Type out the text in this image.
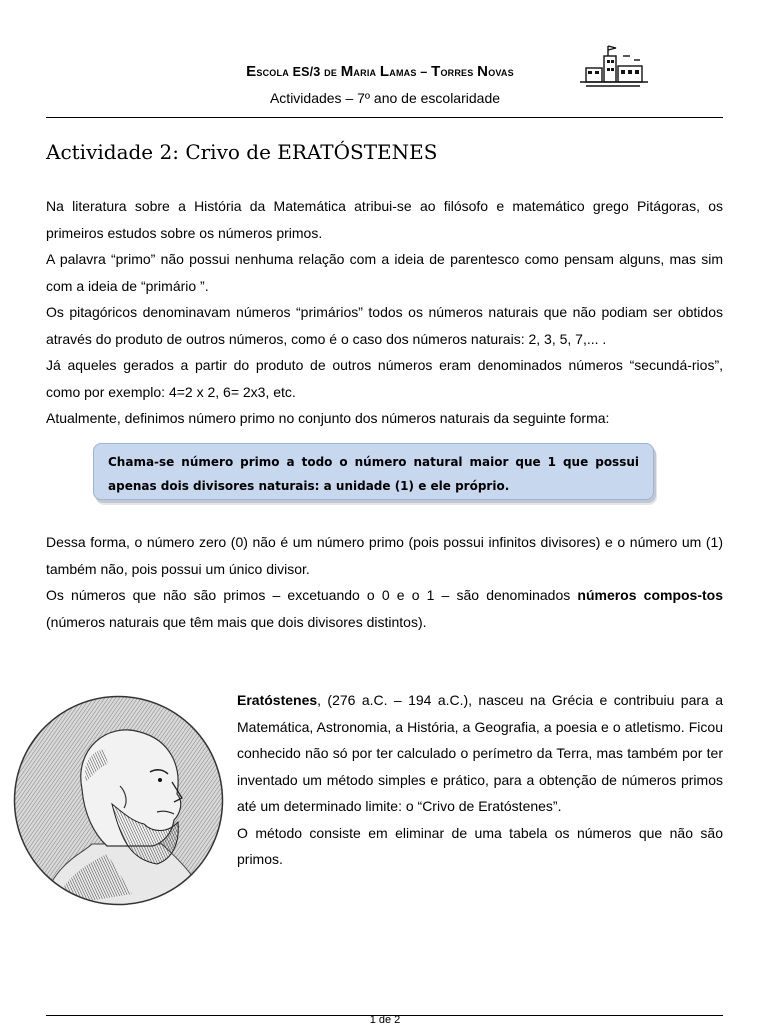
Escola ES/3 de Maria Lamas – Torres Novas
Actividades – 7º ano de escolaridade
Actividade 2: Crivo de ERATÓSTENES

Na literatura sobre a História da Matemática atribui-se ao filósofo e matemático grego Pitágoras, os primeiros estudos sobre os números primos.

A palavra “primo” não possui nenhuma relação com a ideia de parentesco como pensam alguns, mas sim com a ideia de “primário ”.

Os pitagóricos denominavam números “primários” todos os números naturais que não podiam ser obtidos através do produto de outros números, como é o caso dos números naturais: 2, 3, 5, 7,... .

Já aqueles gerados a partir do produto de outros números eram denominados números “secundá-rios”, como por exemplo: 4=2 x 2, 6= 2x3, etc.

Atualmente, definimos número primo no conjunto dos números naturais da seguinte forma:

Chama-se número primo a todo o número natural maior que 1 que possui apenas dois divisores naturais: a unidade (1) e ele próprio.

Dessa forma, o número zero (0) não é um número primo (pois possui infinitos divisores) e o número um (1) também não, pois possui um único divisor.

Os números que não são primos – excetuando o 0 e o 1 – são denominados números compos-tos (números naturais que têm mais que dois divisores distintos).

Eratóstenes, (276 a.C. – 194 a.C.), nasceu na Grécia e contribuiu para a Matemática, Astronomia, a História, a Geografia, a poesia e o atletismo. Ficou conhecido não só por ter calculado o perímetro da Terra, mas também por ter inventado um método simples e prático, para a obtenção de números primos até um determinado limite: o “Crivo de Eratóstenes”.

O método consiste em eliminar de uma tabela os números que não são primos.

1 de 2
